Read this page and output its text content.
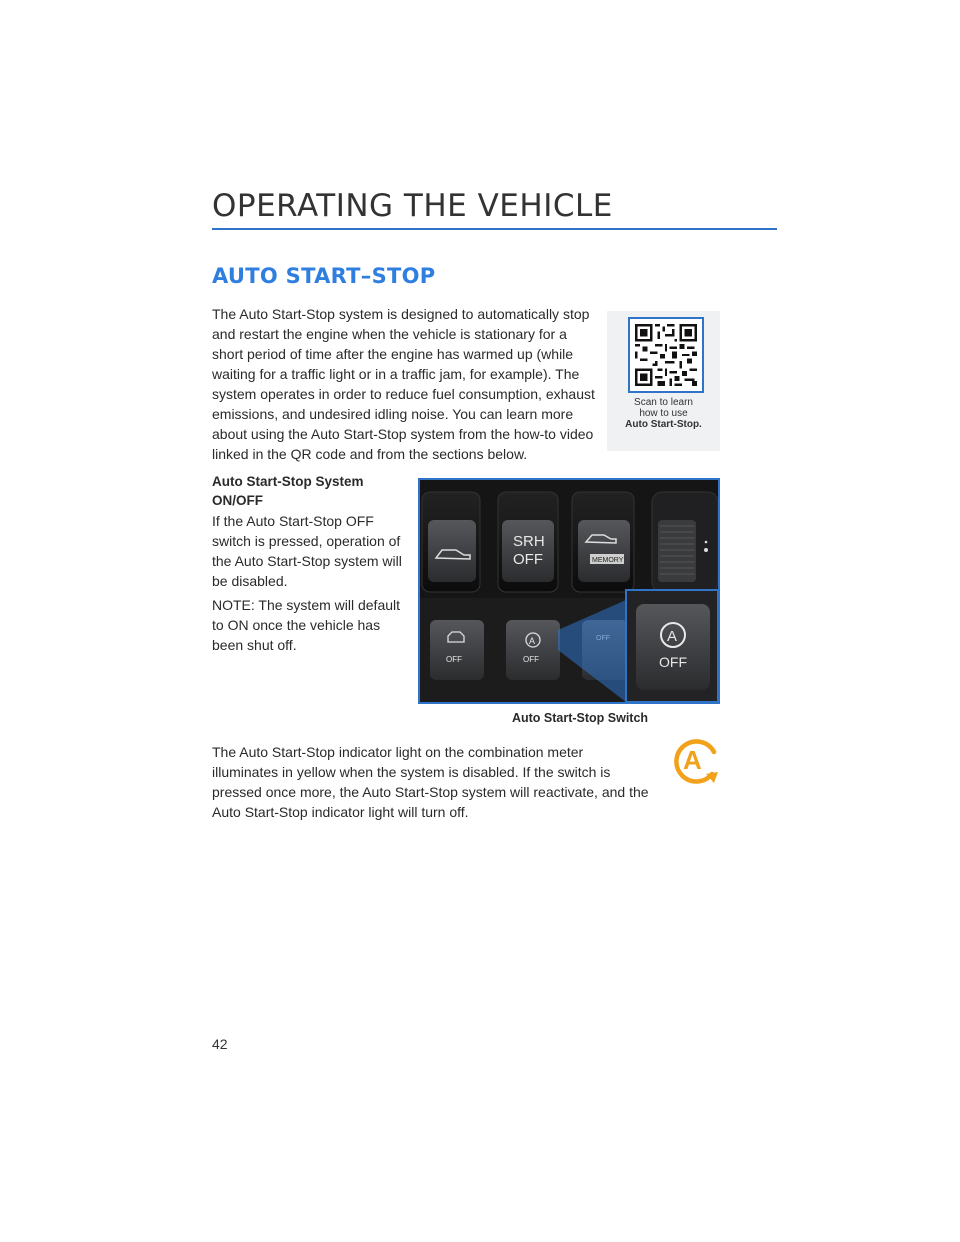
OPERATING THE VEHICLE
AUTO START–STOP

The Auto Start-Stop system is designed to automatically stop and restart the engine when the vehicle is stationary for a short period of time after the engine has warmed up (while waiting for a traffic light or in a traffic jam, for example). The system operates in order to reduce fuel consumption, exhaust emissions, and undesired idling noise. You can learn more about using the Auto Start-Stop system from the how-to video linked in the QR code and from the sections below.

Scan to learn
how to use
Auto Start-Stop.
Auto Start-Stop System ON/OFF

If the Auto Start-Stop OFF switch is pressed, operation of the Auto Start-Stop system will be disabled.

NOTE: The system will default to ON once the vehicle has been shut off.

SRH
OFF	MEMORY
OFF
A
OFF
A
OFF
Auto Start-Stop Switch

The Auto Start-Stop indicator light on the combination meter illuminates in yellow when the system is disabled. If the switch is pressed once more, the Auto Start-Stop system will reactivate, and the Auto Start-Stop indicator light will turn off.

A
42
